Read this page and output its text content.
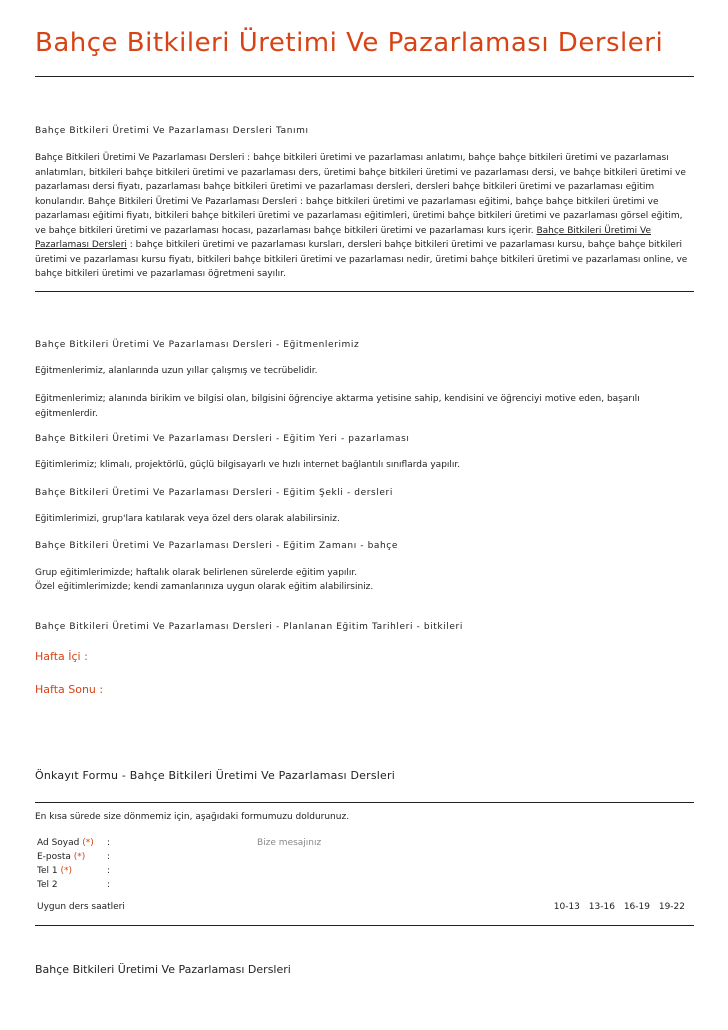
Bahçe Bitkileri Üretimi Ve Pazarlaması Dersleri
Bahçe Bitkileri Üretimi Ve Pazarlaması Dersleri Tanımı
Bahçe Bitkileri Üretimi Ve Pazarlaması Dersleri : bahçe bitkileri üretimi ve pazarlaması anlatımı, bahçe bahçe bitkileri üretimi ve pazarlaması anlatımları, bitkileri bahçe bitkileri üretimi ve pazarlaması ders, üretimi bahçe bitkileri üretimi ve pazarlaması dersi, ve bahçe bitkileri üretimi ve pazarlaması dersi fiyatı, pazarlaması bahçe bitkileri üretimi ve pazarlaması dersleri, dersleri bahçe bitkileri üretimi ve pazarlaması eğitim konularıdır. Bahçe Bitkileri Üretimi Ve Pazarlaması Dersleri : bahçe bitkileri üretimi ve pazarlaması eğitimi, bahçe bahçe bitkileri üretimi ve pazarlaması eğitimi fiyatı, bitkileri bahçe bitkileri üretimi ve pazarlaması eğitimleri, üretimi bahçe bitkileri üretimi ve pazarlaması görsel eğitim, ve bahçe bitkileri üretimi ve pazarlaması hocası, pazarlaması bahçe bitkileri üretimi ve pazarlaması kurs içerir. Bahçe Bitkileri Üretimi Ve Pazarlaması Dersleri : bahçe bitkileri üretimi ve pazarlaması kursları, dersleri bahçe bitkileri üretimi ve pazarlaması kursu, bahçe bahçe bitkileri üretimi ve pazarlaması kursu fiyatı, bitkileri bahçe bitkileri üretimi ve pazarlaması nedir, üretimi bahçe bitkileri üretimi ve pazarlaması online, ve bahçe bitkileri üretimi ve pazarlaması öğretmeni sayılır.
Bahçe Bitkileri Üretimi Ve Pazarlaması Dersleri - Eğitmenlerimiz
Eğitmenlerimiz, alanlarında uzun yıllar çalışmış ve tecrübelidir.
Eğitmenlerimiz; alanında birikim ve bilgisi olan, bilgisini öğrenciye aktarma yetisine sahip, kendisini ve öğrenciyi motive eden, başarılı eğitmenlerdir.
Bahçe Bitkileri Üretimi Ve Pazarlaması Dersleri - Eğitim Yeri - pazarlaması
Eğitimlerimiz; klimalı, projektörlü, güçlü bilgisayarlı ve hızlı internet bağlantılı sınıflarda yapılır.
Bahçe Bitkileri Üretimi Ve Pazarlaması Dersleri - Eğitim Şekli - dersleri
Eğitimlerimizi, grup'lara katılarak veya özel ders olarak alabilirsiniz.
Bahçe Bitkileri Üretimi Ve Pazarlaması Dersleri - Eğitim Zamanı - bahçe
Grup eğitimlerimizde; haftalık olarak belirlenen sürelerde eğitim yapılır.
Özel eğitimlerimizde; kendi zamanlarınıza uygun olarak eğitim alabilirsiniz.
Bahçe Bitkileri Üretimi Ve Pazarlaması Dersleri - Planlanan Eğitim Tarihleri - bitkileri
Hafta İçi :
Hafta Sonu :
Önkayıt Formu - Bahçe Bitkileri Üretimi Ve Pazarlaması Dersleri
En kısa sürede size dönmemiz için, aşağıdaki formumuzu doldurunuz.
Ad Soyad (*) :
E-posta (*) :
Tel 1 (*)	:
Tel 2	:
Bize mesajınız
Uygun ders saatleri	10-13 13-16 16-19 19-22
Bahçe Bitkileri Üretimi Ve Pazarlaması Dersleri
